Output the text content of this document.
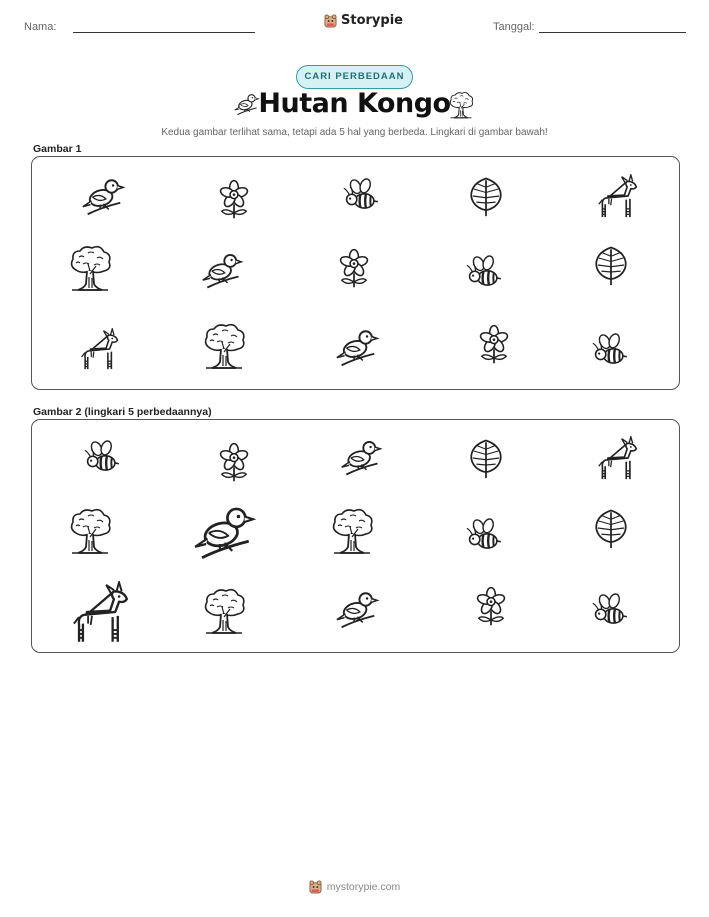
Nama:	Storypie	Tanggal:
CARI PERBEDAAN
Hutan Kongo
Kedua gambar terlihat sama, tetapi ada 5 hal yang berbeda. Lingkari di gambar bawah!
Gambar 1
Gambar 2 (lingkari 5 perbedaannya)
mystorypie.com
